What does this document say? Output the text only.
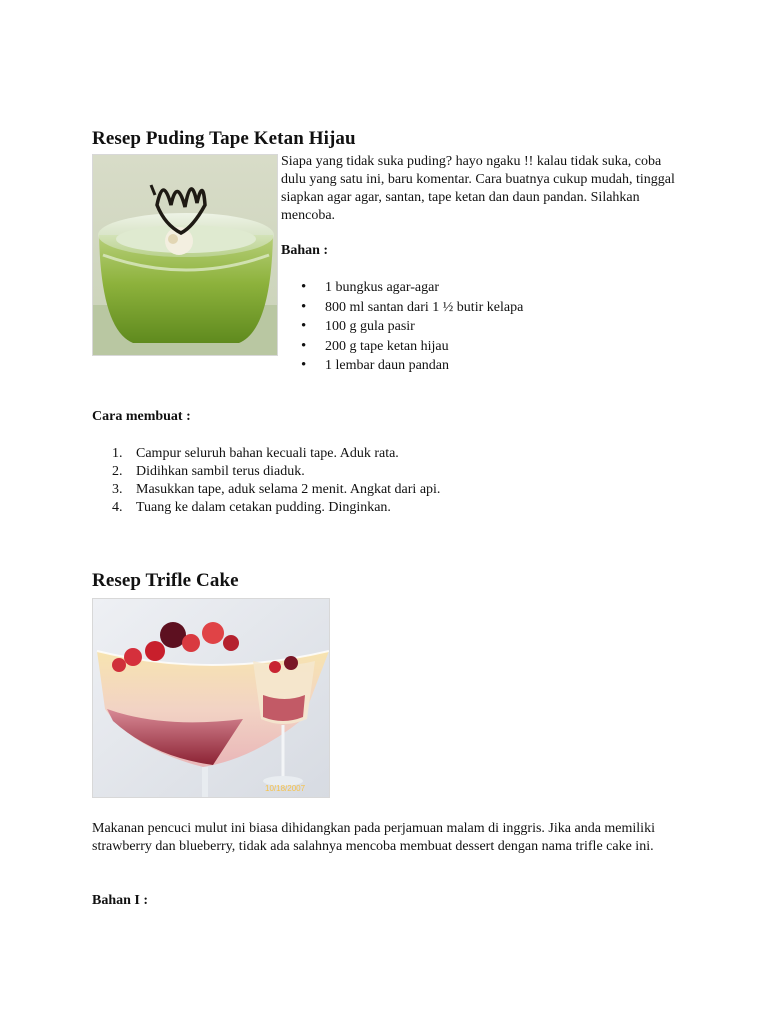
Resep Puding Tape Ketan Hijau

Siapa yang tidak suka puding? hayo ngaku !! kalau tidak suka, coba dulu yang satu ini, baru komentar. Cara buatnya cukup mudah, tinggal siapkan agar agar, santan, tape ketan dan daun pandan. Silahkan mencoba.

Bahan :

• 1 bungkus agar-agar
• 800 ml santan dari 1 ½ butir kelapa
• 100 g gula pasir
• 200 g tape ketan hijau
• 1 lembar daun pandan

Cara membuat :

1. Campur seluruh bahan kecuali tape. Aduk rata.
2. Didihkan sambil terus diaduk.
3. Masukkan tape, aduk selama 2 menit. Angkat dari api.
4. Tuang ke dalam cetakan pudding. Dinginkan.
Resep Trifle Cake
10/18/2007

Makanan pencuci mulut ini biasa dihidangkan pada perjamuan malam di inggris. Jika anda memiliki strawberry dan blueberry, tidak ada salahnya mencoba membuat dessert dengan nama trifle cake ini.

Bahan I :
